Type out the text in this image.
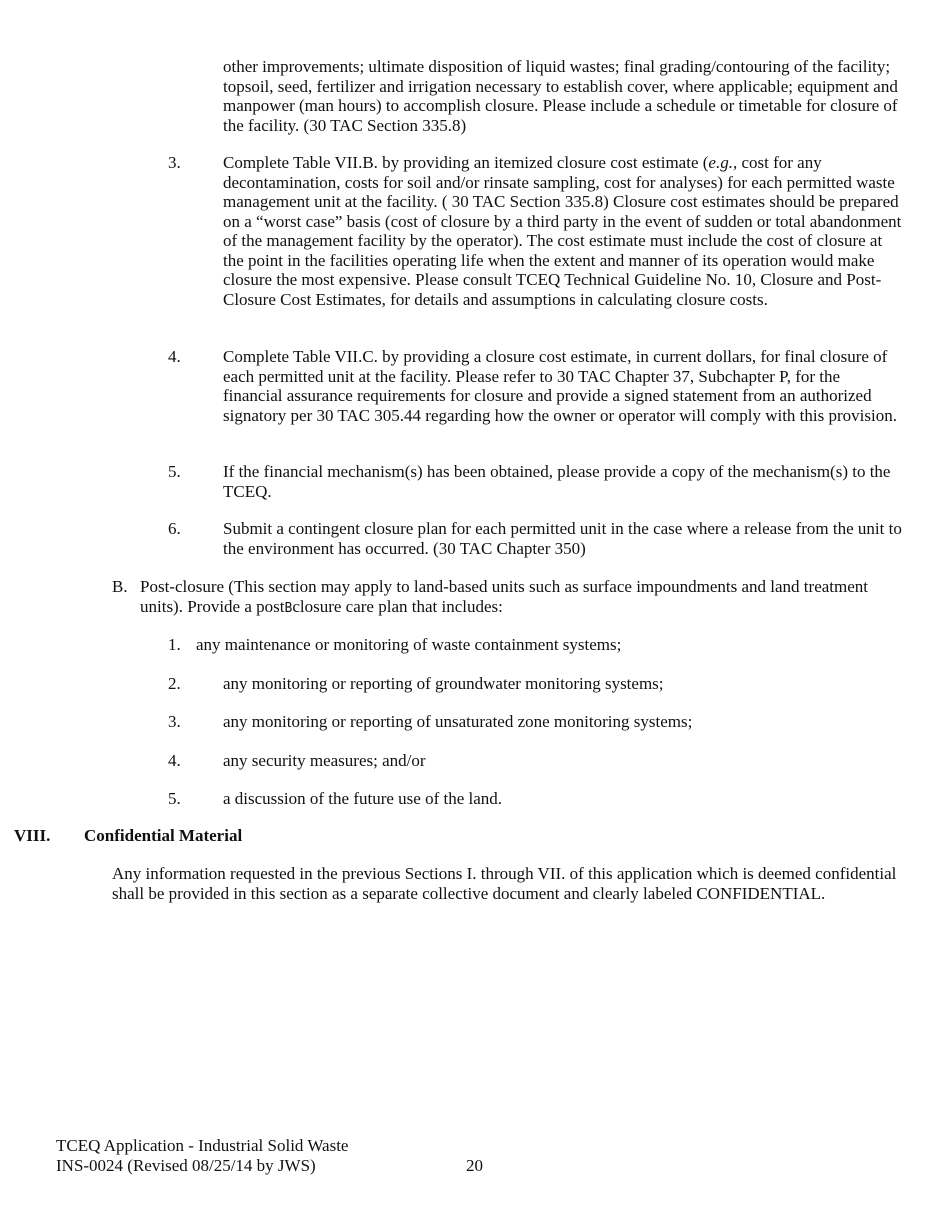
other improvements; ultimate disposition of liquid wastes; final grading/contouring of the facility; topsoil, seed, fertilizer and irrigation necessary to establish cover, where applicable; equipment and manpower (man hours) to accomplish closure. Please include a schedule or timetable for closure of the facility. (30 TAC Section 335.8)

3. Complete Table VII.B. by providing an itemized closure cost estimate (e.g., cost for any decontamination, costs for soil and/or rinsate sampling, cost for analyses) for each permitted waste management unit at the facility. ( 30 TAC Section 335.8) Closure cost estimates should be prepared on a “worst case” basis (cost of closure by a third party in the event of sudden or total abandonment of the management facility by the operator). The cost estimate must include the cost of closure at the point in the facilities operating life when the extent and manner of its operation would make closure the most expensive. Please consult TCEQ Technical Guideline No. 10, Closure and Post-Closure Cost Estimates, for details and assumptions in calculating closure costs.

4. Complete Table VII.C. by providing a closure cost estimate, in current dollars, for final closure of each permitted unit at the facility. Please refer to 30 TAC Chapter 37, Subchapter P, for the financial assurance requirements for closure and provide a signed statement from an authorized signatory per 30 TAC 305.44 regarding how the owner or operator will comply with this provision.

5. If the financial mechanism(s) has been obtained, please provide a copy of the mechanism(s) to the TCEQ.

6. Submit a contingent closure plan for each permitted unit in the case where a release from the unit to the environment has occurred. (30 TAC Chapter 350)

B. Post-closure (This section may apply to land-based units such as surface impoundments and land treatment units). Provide a postBclosure care plan that includes:

1. any maintenance or monitoring of waste containment systems;
2. any monitoring or reporting of groundwater monitoring systems;
3. any monitoring or reporting of unsaturated zone monitoring systems;
4. any security measures; and/or
5. a discussion of the future use of the land.
VIII. Confidential Material

Any information requested in the previous Sections I. through VII. of this application which is deemed confidential shall be provided in this section as a separate collective document and clearly labeled CONFIDENTIAL.

TCEQ Application - Industrial Solid Waste
INS-0024 (Revised 08/25/14 by JWS)	20
